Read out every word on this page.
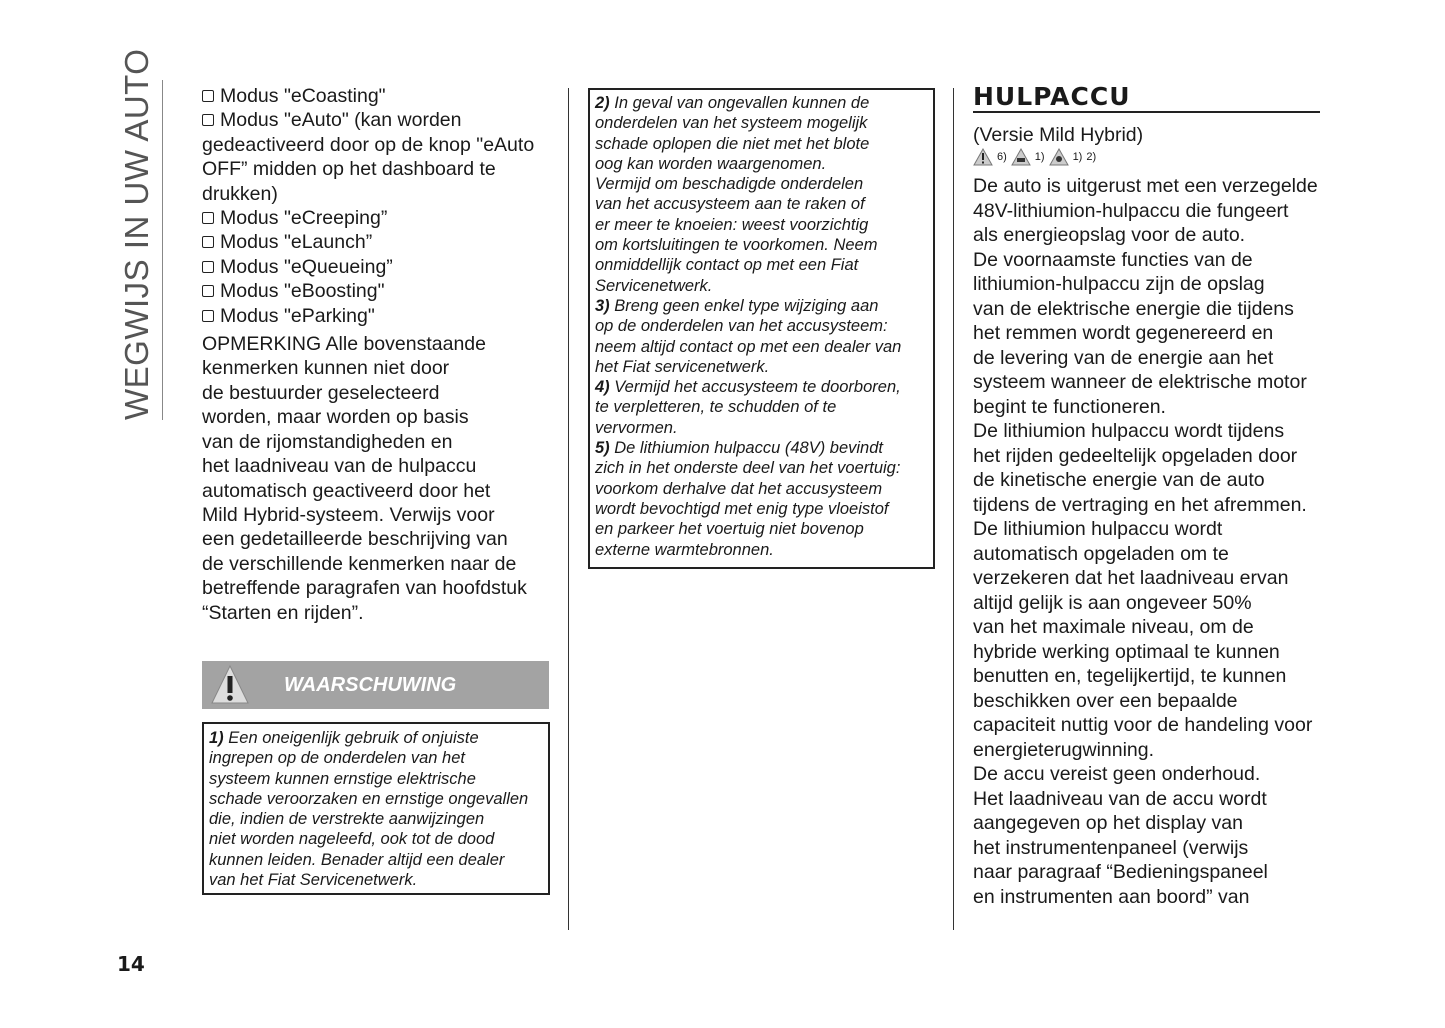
WEGWIJS IN UW AUTO	Modus "eCoasting"
Modus "eAuto" (kan worden
gedeactiveerd door op de knop "eAuto
OFF” midden op het dashboard te
drukken)
Modus "eCreeping”
Modus "eLaunch”
Modus "eQueueing”
Modus "eBoosting"
Modus "eParking"
OPMERKING Alle bovenstaande
kenmerken kunnen niet door
de bestuurder geselecteerd
worden, maar worden op basis
van de rijomstandigheden en
het laadniveau van de hulpaccu
automatisch geactiveerd door het
Mild Hybrid-systeem. Verwijs voor
een gedetailleerde beschrijving van
de verschillende kenmerken naar de
betreffende paragrafen van hoofdstuk
“Starten en rijden”.
WAARSCHUWING
1) Een oneigenlijk gebruik of onjuiste
ingrepen op de onderdelen van het
systeem kunnen ernstige elektrische
schade veroorzaken en ernstige ongevallen
die, indien de verstrekte aanwijzingen
niet worden nageleefd, ook tot de dood
kunnen leiden. Benader altijd een dealer
van het Fiat Servicenetwerk.
2) In geval van ongevallen kunnen de
onderdelen van het systeem mogelijk
schade oplopen die niet met het blote
oog kan worden waargenomen.
Vermijd om beschadigde onderdelen
van het accusysteem aan te raken of
er meer te knoeien: weest voorzichtig
om kortsluitingen te voorkomen. Neem
onmiddellijk contact op met een Fiat
Servicenetwerk.
3) Breng geen enkel type wijziging aan
op de onderdelen van het accusysteem:
neem altijd contact op met een dealer van
het Fiat servicenetwerk.
4) Vermijd het accusysteem te doorboren,
te verpletteren, te schudden of te
vervormen.
5) De lithiumion hulpaccu (48V) bevindt
zich in het onderste deel van het voertuig:
voorkom derhalve dat het accusysteem
wordt bevochtigd met enig type vloeistof
en parkeer het voertuig niet bovenop
externe warmtebronnen.
HULPACCU
(Versie Mild Hybrid)
6)	1)	1) 2)
De auto is uitgerust met een verzegelde
48V-lithiumion-hulpaccu die fungeert
als energieopslag voor de auto.
De voornaamste functies van de
lithiumion-hulpaccu zijn de opslag
van de elektrische energie die tijdens
het remmen wordt gegenereerd en
de levering van de energie aan het
systeem wanneer de elektrische motor
begint te functioneren.
De lithiumion hulpaccu wordt tijdens
het rijden gedeeltelijk opgeladen door
de kinetische energie van de auto
tijdens de vertraging en het afremmen.
De lithiumion hulpaccu wordt
automatisch opgeladen om te
verzekeren dat het laadniveau ervan
altijd gelijk is aan ongeveer 50%
van het maximale niveau, om de
hybride werking optimaal te kunnen
benutten en, tegelijkertijd, te kunnen
beschikken over een bepaalde
capaciteit nuttig voor de handeling voor
energieterugwinning.
De accu vereist geen onderhoud.
Het laadniveau van de accu wordt
aangegeven op het display van
het instrumentenpaneel (verwijs
naar paragraaf “Bedieningspaneel
en instrumenten aan boord” van
14
